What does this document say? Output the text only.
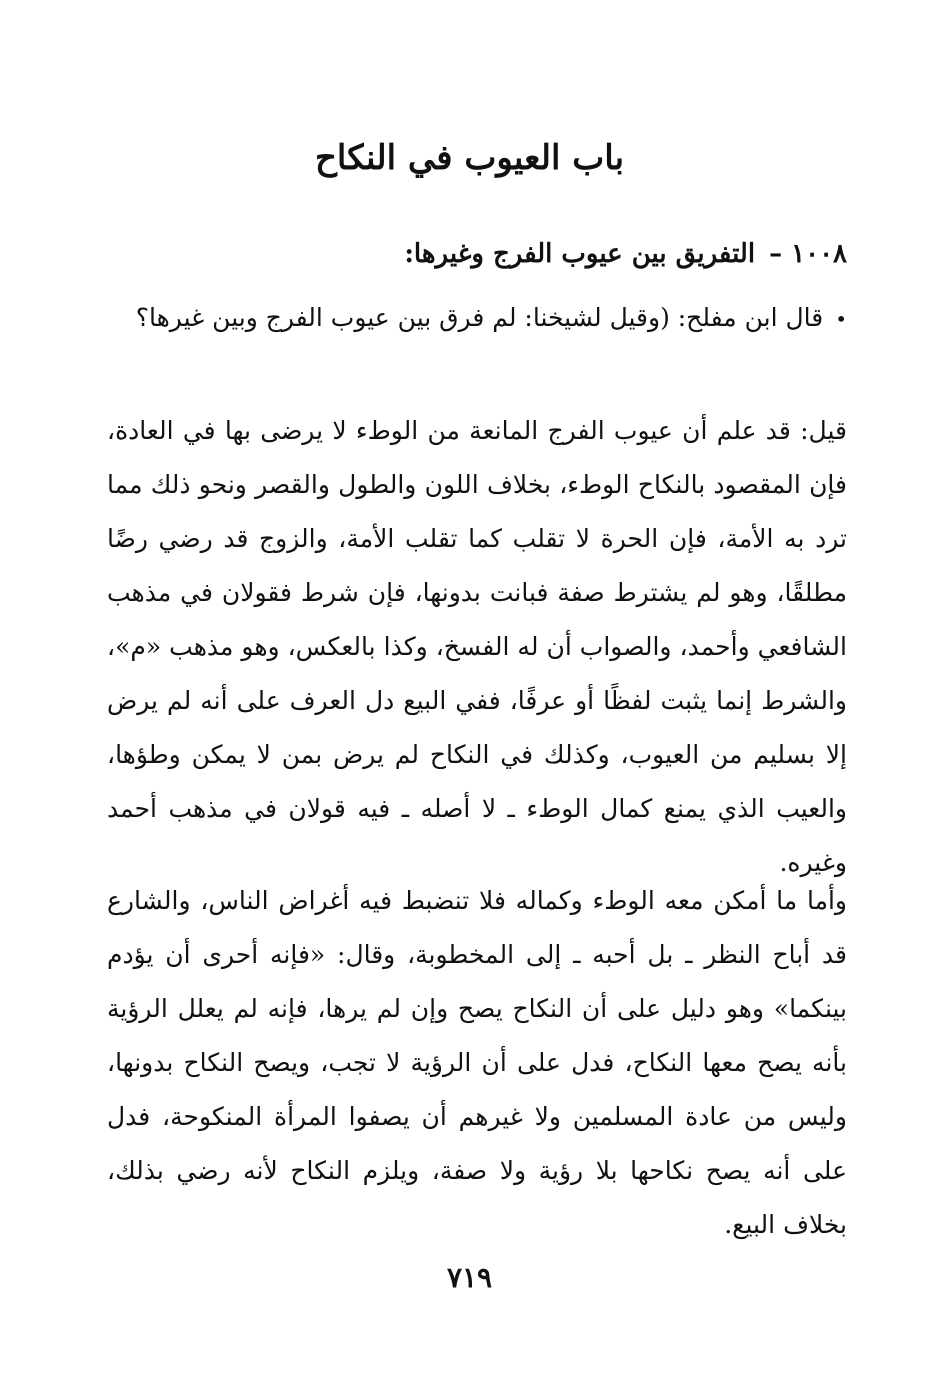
باب العيوب في النكاح
١٠٠٨ –التفريق بين عيوب الفرج وغيرها:

•قال ابن مفلح: (وقيل لشيخنا: لم فرق بين عيوب الفرج وبين غيرها؟

قيل: قد علم أن عيوب الفرج المانعة من الوطء لا يرضى بها في العادة، فإن المقصود بالنكاح الوطء، بخلاف اللون والطول والقصر ونحو ذلك مما ترد به الأمة، فإن الحرة لا تقلب كما تقلب الأمة، والزوج قد رضي رضًا مطلقًا، وهو لم يشترط صفة فبانت بدونها، فإن شرط فقولان في مذهب الشافعي وأحمد، والصواب أن له الفسخ، وكذا بالعكس، وهو مذهب «م»، والشرط إنما يثبت لفظًا أو عرفًا، ففي البيع دل العرف على أنه لم يرض إلا بسليم من العيوب، وكذلك في النكاح لم يرض بمن لا يمكن وطؤها، والعيب الذي يمنع كمال الوطء ـ لا أصله ـ فيه قولان في مذهب أحمد وغيره.

وأما ما أمكن معه الوطء وكماله فلا تنضبط فيه أغراض الناس، والشارع قد أباح النظر ـ بل أحبه ـ إلى المخطوبة، وقال: «فإنه أحرى أن يؤدم بينكما» وهو دليل على أن النكاح يصح وإن لم يرها، فإنه لم يعلل الرؤية بأنه يصح معها النكاح، فدل على أن الرؤية لا تجب، ويصح النكاح بدونها، وليس من عادة المسلمين ولا غيرهم أن يصفوا المرأة المنكوحة، فدل على أنه يصح نكاحها بلا رؤية ولا صفة، ويلزم النكاح لأنه رضي بذلك، بخلاف البيع.

٧١٩
